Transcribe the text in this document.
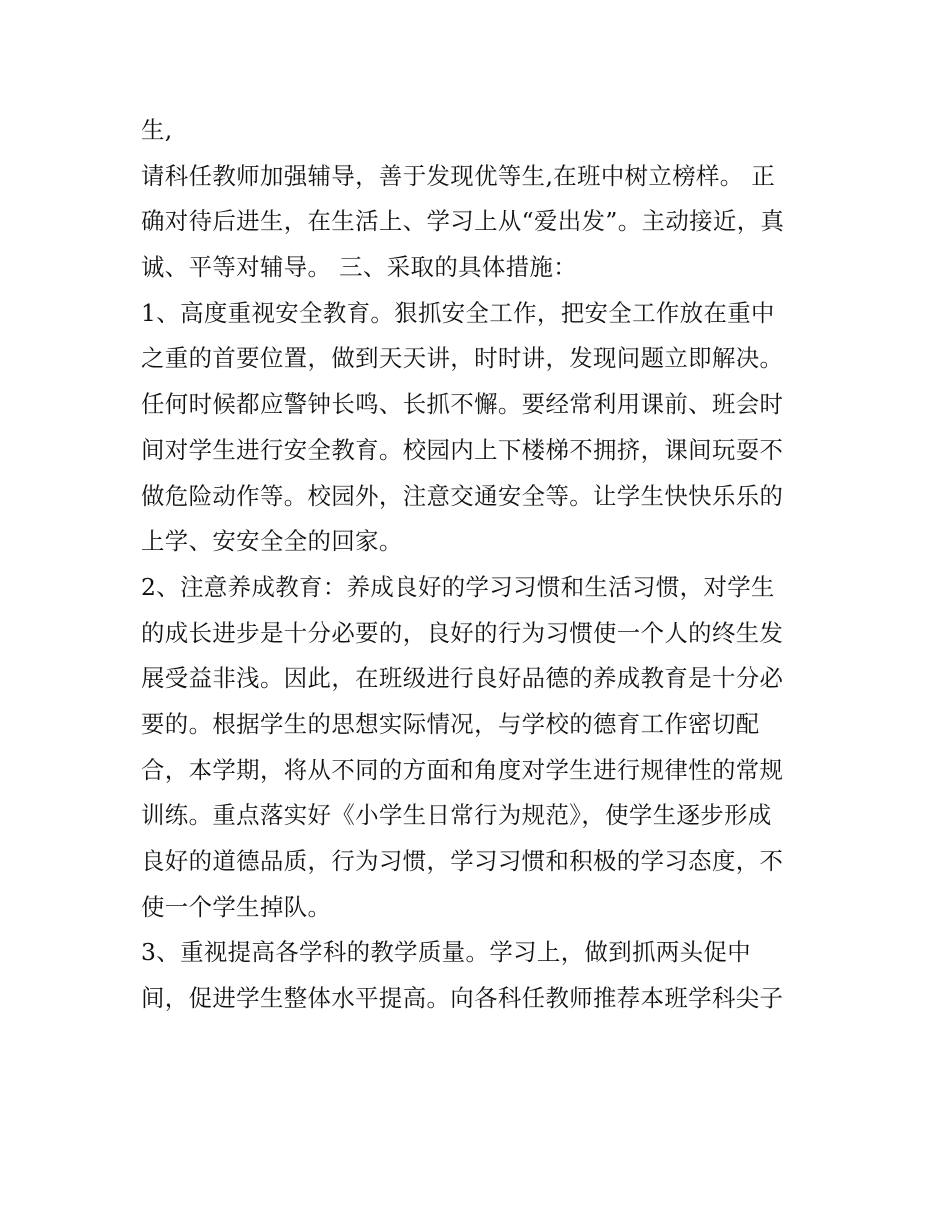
生,
请科任教师加强辅导，善于发现优等生,在班中树立榜样。 正
确对待后进生，在生活上、学习上从“爱出发”。主动接近，真
诚、平等对辅导。 三、采取的具体措施：
1、高度重视安全教育。狠抓安全工作，把安全工作放在重中
之重的首要位置，做到天天讲，时时讲，发现问题立即解决。
任何时候都应警钟长鸣、长抓不懈。要经常利用课前、班会时
间对学生进行安全教育。校园内上下楼梯不拥挤，课间玩耍不
做危险动作等。校园外，注意交通安全等。让学生快快乐乐的
上学、安安全全的回家。
2、注意养成教育：养成良好的学习习惯和生活习惯，对学生
的成长进步是十分必要的，良好的行为习惯使一个人的终生发
展受益非浅。因此，在班级进行良好品德的养成教育是十分必
要的。根据学生的思想实际情况，与学校的德育工作密切配
合，本学期，将从不同的方面和角度对学生进行规律性的常规
训练。重点落实好《小学生日常行为规范》，使学生逐步形成
良好的道德品质，行为习惯，学习习惯和积极的学习态度，不
使一个学生掉队。
3、重视提高各学科的教学质量。学习上，做到抓两头促中
间，促进学生整体水平提高。向各科任教师推荐本班学科尖子
